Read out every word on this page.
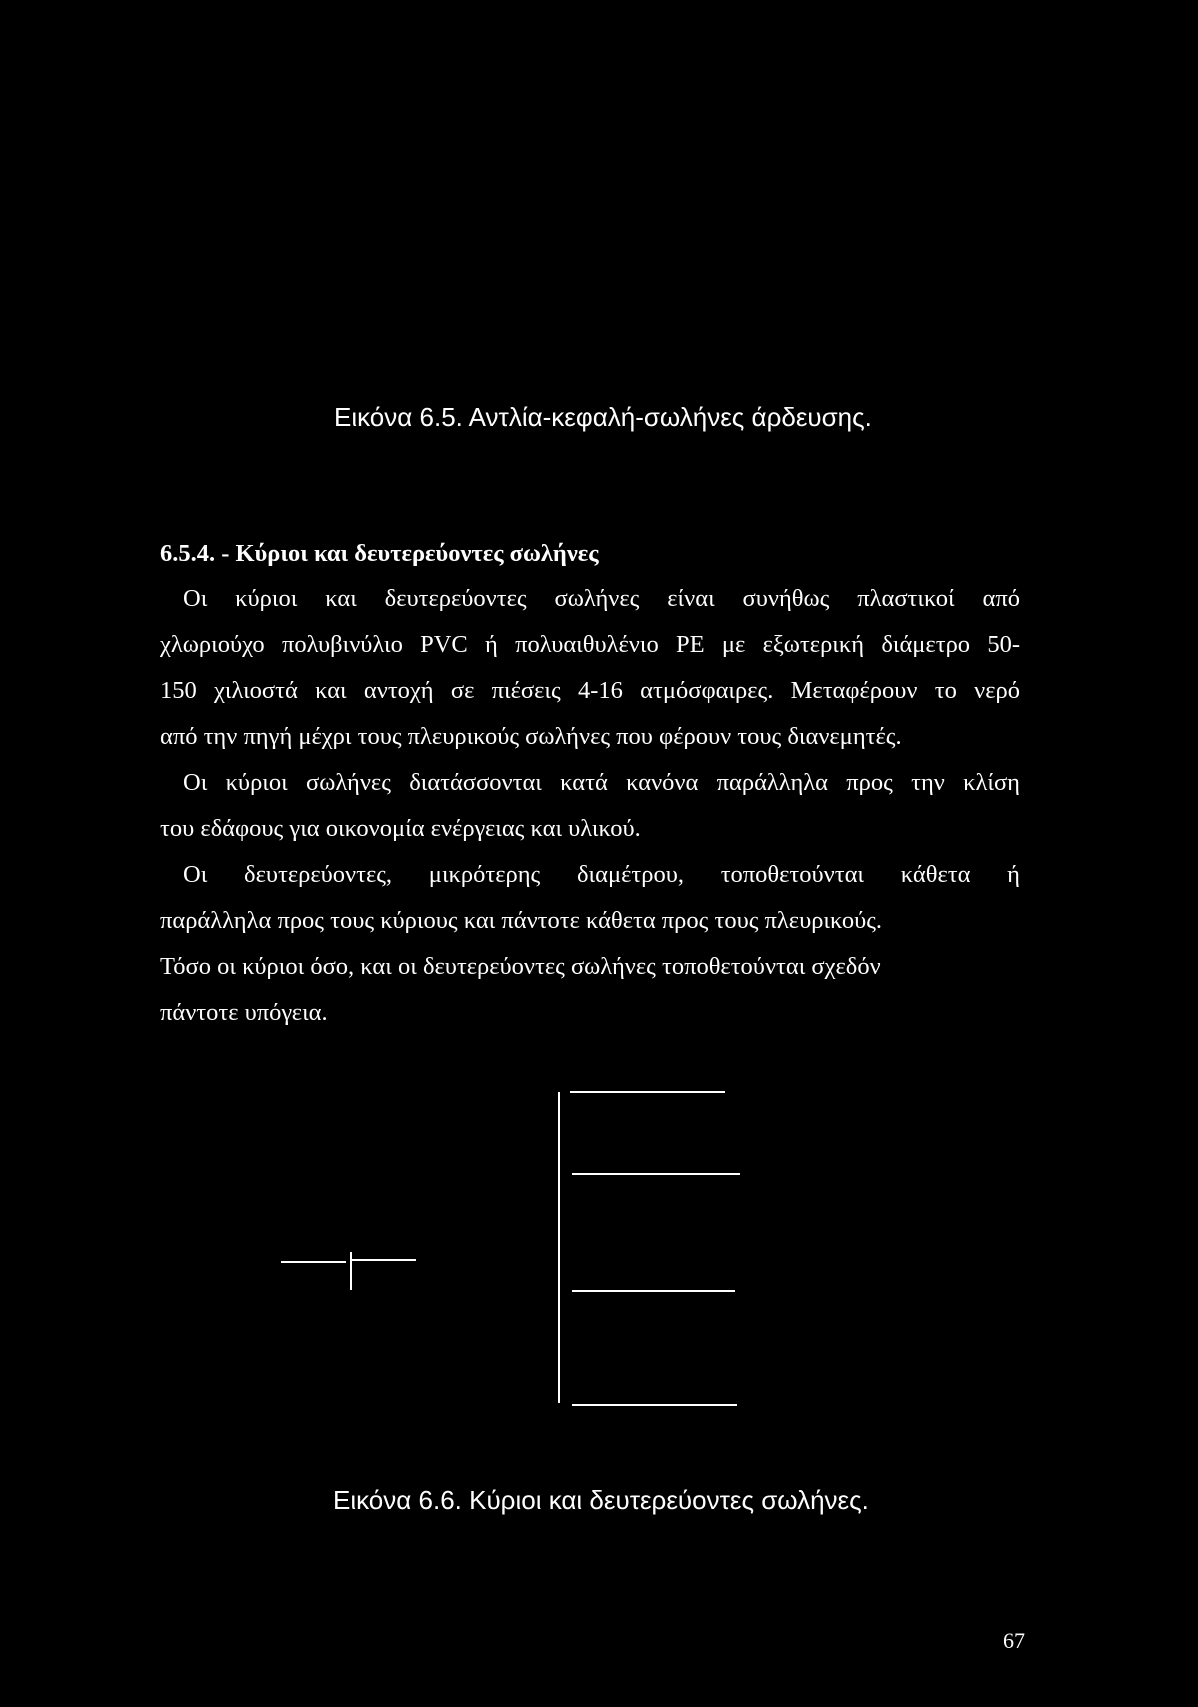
Εικόνα 6.5. Αντλία-κεφαλή-σωλήνες άρδευσης.
6.5.4. - Κύριοι και δευτερεύοντες σωλήνες
Οι κύριοι και δευτερεύοντες σωλήνες είναι συνήθως πλαστικοί από
χλωριούχο πολυβινύλιο PVC ή πολυαιθυλένιο PE με εξωτερική διάμετρο 50-
150 χιλιοστά και αντοχή σε πιέσεις 4-16 ατμόσφαιρες. Μεταφέρουν το νερό
από την πηγή μέχρι τους πλευρικούς σωλήνες που φέρουν τους διανεμητές.
Οι κύριοι σωλήνες διατάσσονται κατά κανόνα παράλληλα προς την κλίση
του εδάφους για οικονομία ενέργειας και υλικού.
Οι δευτερεύοντες, μικρότερης διαμέτρου, τοποθετούνται κάθετα ή
παράλληλα προς τους κύριους και πάντοτε κάθετα προς τους πλευρικούς.
Τόσο οι κύριοι όσο, και οι δευτερεύοντες σωλήνες τοποθετούνται σχεδόν
πάντοτε υπόγεια.
Εικόνα 6.6. Κύριοι και δευτερεύοντες σωλήνες.
67
